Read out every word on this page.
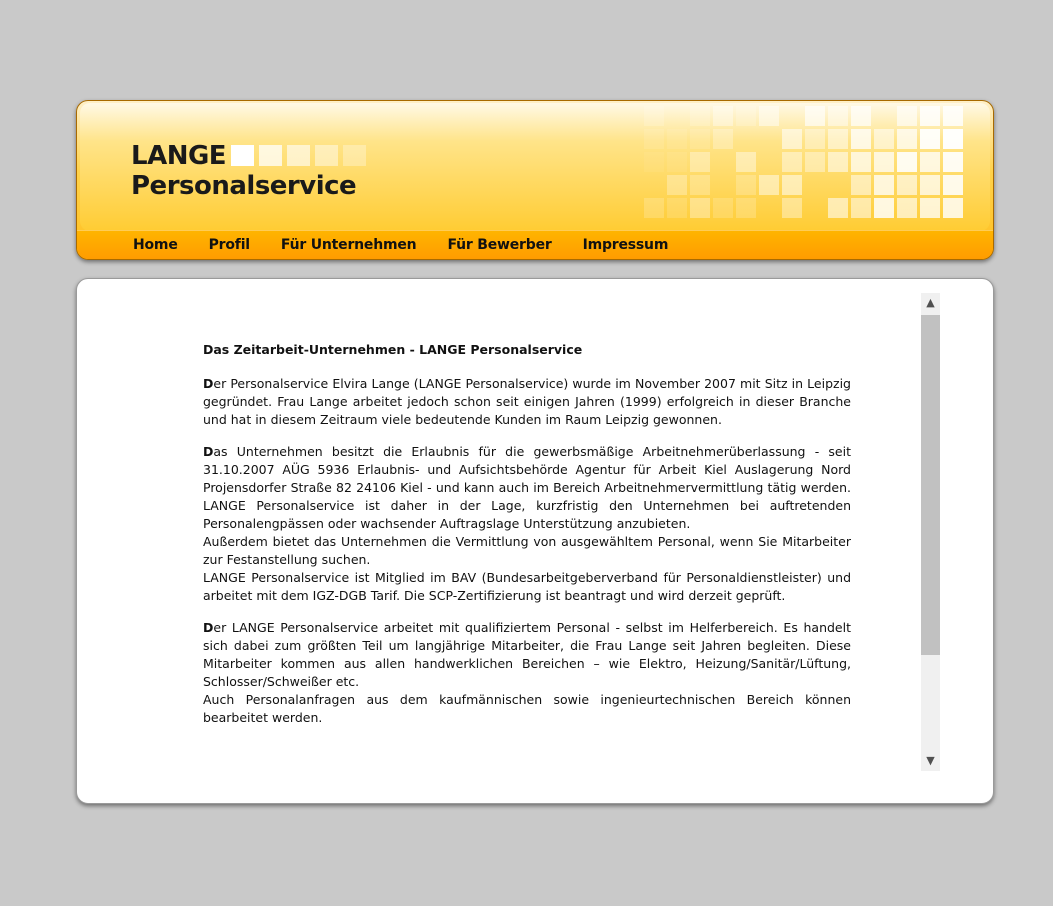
LANGE
Personalservice
Home Profil Für Unternehmen Für Bewerber Impressum
Das Zeitarbeit-Unternehmen - LANGE Personalservice

Der Personalservice Elvira Lange (LANGE Personalservice) wurde im November 2007 mit Sitz in Leipzig gegründet. Frau Lange arbeitet jedoch schon seit einigen Jahren (1999) erfolgreich in dieser Branche und hat in diesem Zeitraum viele bedeutende Kunden im Raum Leipzig gewonnen.

Das Unternehmen besitzt die Erlaubnis für die gewerbsmäßige Arbeitnehmerüberlassung - seit 31.10.2007 AÜG 5936 Erlaubnis- und Aufsichtsbehörde Agentur für Arbeit Kiel Auslagerung Nord Projensdorfer Straße 82 24106 Kiel - und kann auch im Bereich Arbeitnehmervermittlung tätig werden. LANGE Personalservice ist daher in der Lage, kurzfristig den Unternehmen bei auftretenden Personalengpässen oder wachsender Auftragslage Unterstützung anzubieten.
Außerdem bietet das Unternehmen die Vermittlung von ausgewähltem Personal, wenn Sie Mitarbeiter zur Festanstellung suchen.
LANGE Personalservice ist Mitglied im BAV (Bundesarbeitgeberverband für Personaldienstleister) und arbeitet mit dem IGZ-DGB Tarif. Die SCP-Zertifizierung ist beantragt und wird derzeit geprüft.

Der LANGE Personalservice arbeitet mit qualifiziertem Personal - selbst im Helferbereich. Es handelt sich dabei zum größten Teil um langjährige Mitarbeiter, die Frau Lange seit Jahren begleiten. Diese Mitarbeiter kommen aus allen handwerklichen Bereichen – wie Elektro, Heizung/Sanitär/Lüftung, Schlosser/Schweißer etc.
Auch Personalanfragen aus dem kaufmännischen sowie ingenieurtechnischen Bereich können bearbeitet werden.

▲
▼
